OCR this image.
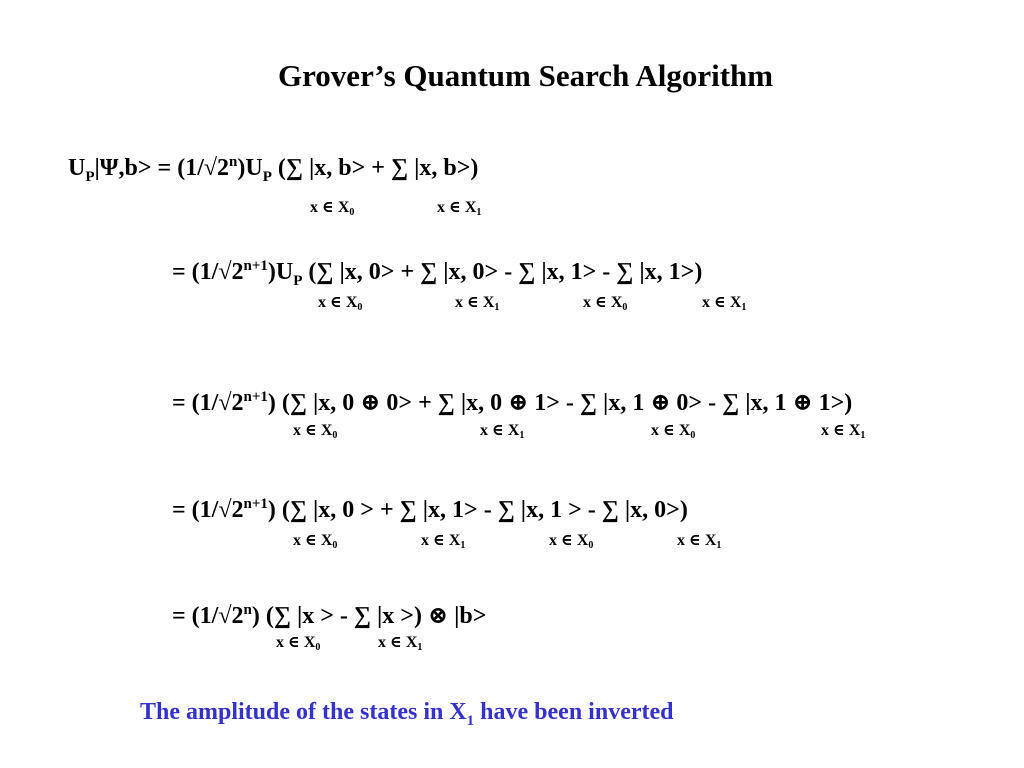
Grover’s Quantum Search Algorithm
$U_P|\Psi,b> = (1/√2^n)U_P$ (∑ |x, b> + ∑ |x, b>)
x ∈ $X_0$	x ∈ $X_1$
= $(1/√2^{n+1})U_P$ (∑ |x, 0> + ∑ |x, 0> - ∑ |x, 1> - ∑ |x, 1>)
x ∈ $X_0$	x ∈ $X_1$	x ∈ $X_0$	x ∈ $X_1$
= $(1/√2^{n+1})$ (∑ |x, 0 ⊕ 0> + ∑ |x, 0 ⊕ 1> - ∑ |x, 1 ⊕ 0> - ∑ |x, 1 ⊕ 1>)
x ∈ $X_0$	x ∈ $X_1$	x ∈ $X_0$	x ∈ $X_1$
= $(1/√2^{n+1})$ (∑ |x, 0 > + ∑ |x, 1> - ∑ |x, 1 > - ∑ |x, 0>)
x ∈ $X_0$	x ∈ $X_1$	x ∈ $X_0$	x ∈ $X_1$
= $(1/√2^n)$ (∑ |x > - ∑ |x >) ⊗ |b>
x ∈ $X_0$	x ∈ $X_1$
The amplitude of the states in $X_1$ have been inverted
